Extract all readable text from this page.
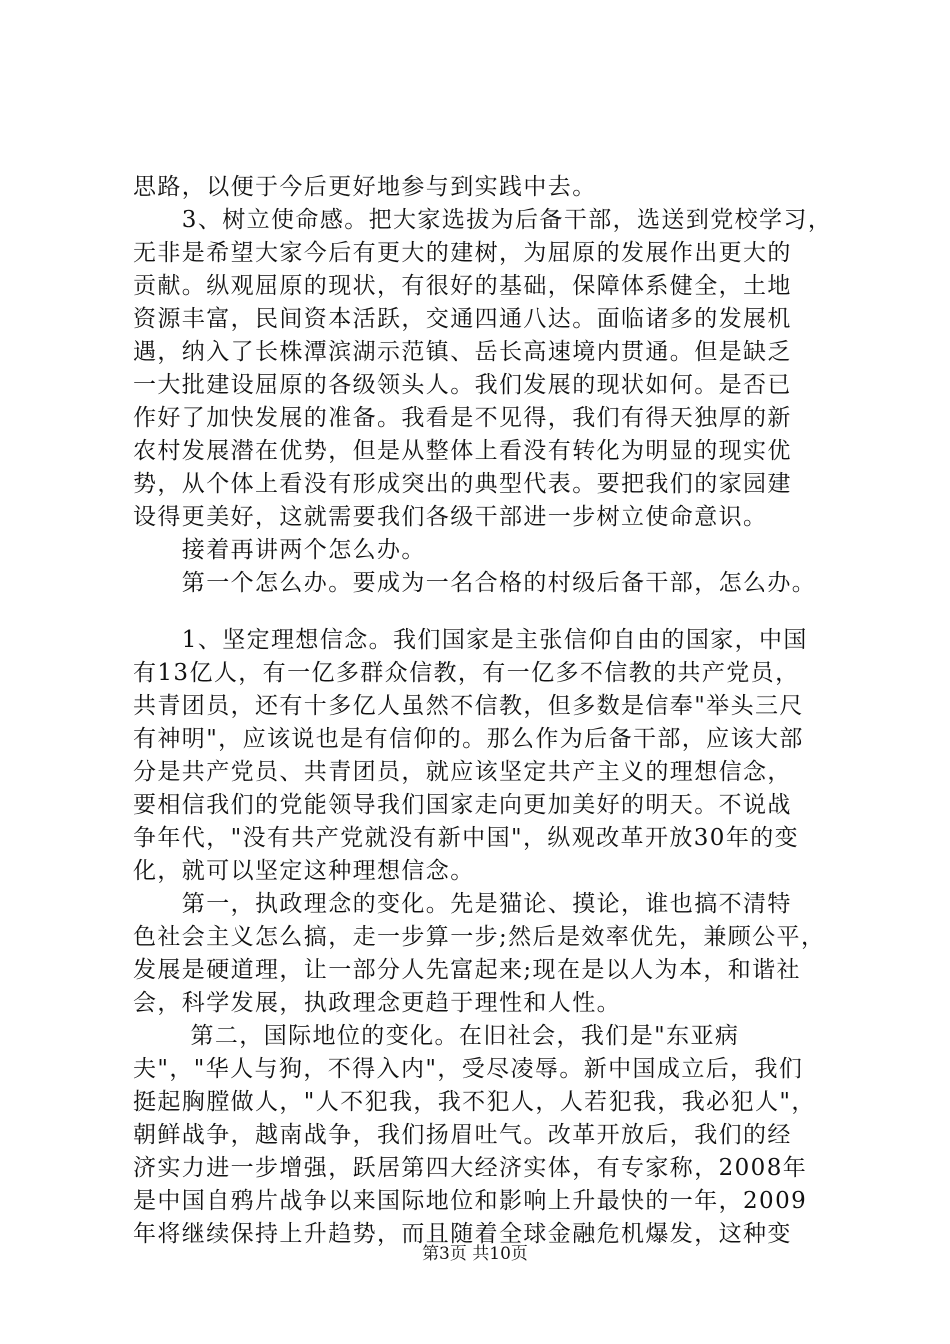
思路，以便于今后更好地参与到实践中去。
　　3、树立使命感。把大家选拔为后备干部，选送到党校学习，
无非是希望大家今后有更大的建树，为屈原的发展作出更大的
贡献。纵观屈原的现状，有很好的基础，保障体系健全，土地
资源丰富，民间资本活跃，交通四通八达。面临诸多的发展机
遇，纳入了长株潭滨湖示范镇、岳长高速境内贯通。但是缺乏
一大批建设屈原的各级领头人。我们发展的现状如何。是否已
作好了加快发展的准备。我看是不见得，我们有得天独厚的新
农村发展潜在优势，但是从整体上看没有转化为明显的现实优
势，从个体上看没有形成突出的典型代表。要把我们的家园建
设得更美好，这就需要我们各级干部进一步树立使命意识。
　　接着再讲两个怎么办。
　　第一个怎么办。要成为一名合格的村级后备干部，怎么办。
　　1、坚定理想信念。我们国家是主张信仰自由的国家，中国
有13亿人，有一亿多群众信教，有一亿多不信教的共产党员，
共青团员，还有十多亿人虽然不信教，但多数是信奉"举头三尺
有神明"，应该说也是有信仰的。那么作为后备干部，应该大部
分是共产党员、共青团员，就应该坚定共产主义的理想信念，
要相信我们的党能领导我们国家走向更加美好的明天。不说战
争年代，"没有共产党就没有新中国"，纵观改革开放30年的变
化，就可以坚定这种理想信念。
　　第一，执政理念的变化。先是猫论、摸论，谁也搞不清特
色社会主义怎么搞，走一步算一步;然后是效率优先，兼顾公平，
发展是硬道理，让一部分人先富起来;现在是以人为本，和谐社
会，科学发展，执政理念更趋于理性和人性。
　　 第二，国际地位的变化。在旧社会，我们是"东亚病
夫"，"华人与狗，不得入内"，受尽凌辱。新中国成立后，我们
挺起胸膛做人，"人不犯我，我不犯人，人若犯我，我必犯人"，
朝鲜战争，越南战争，我们扬眉吐气。改革开放后，我们的经
济实力进一步增强，跃居第四大经济实体，有专家称，2008年
是中国自鸦片战争以来国际地位和影响上升最快的一年，2009
年将继续保持上升趋势，而且随着全球金融危机爆发，这种变
第3页 共10页
